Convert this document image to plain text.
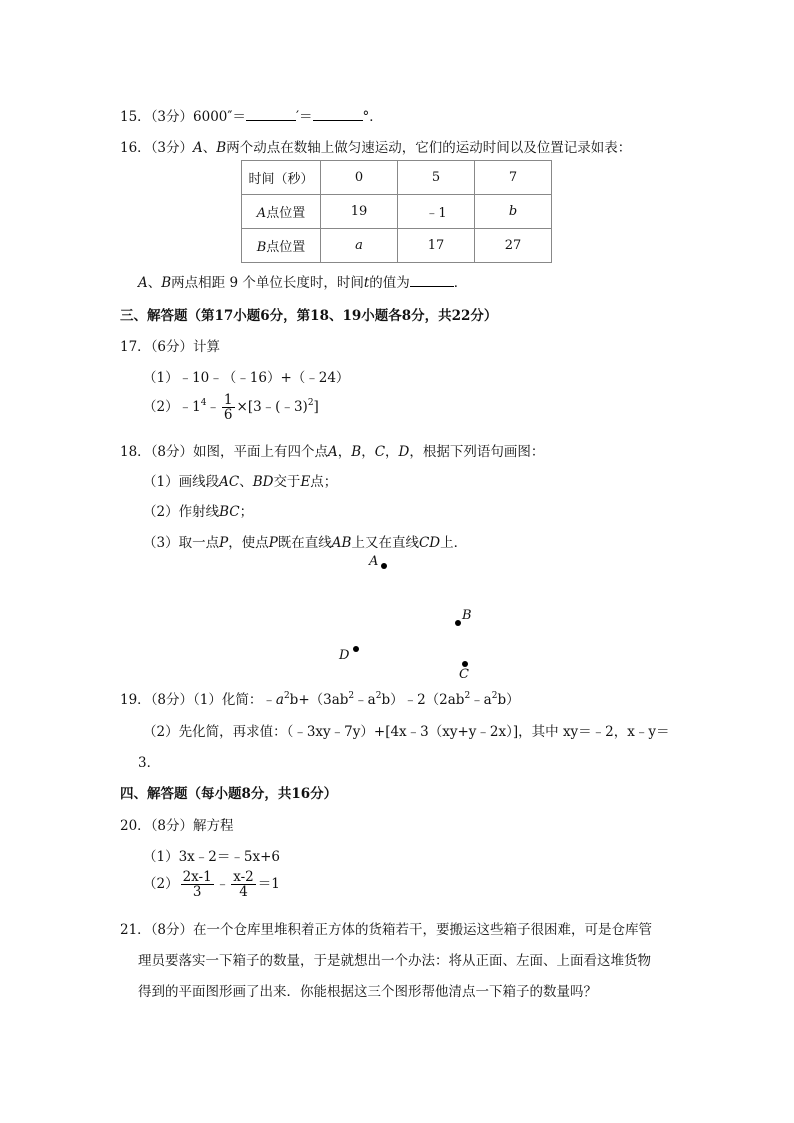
15．（3分）6000″＝	′＝	°．
16．（3分）A、B两个动点在数轴上做匀速运动，它们的运动时间以及位置记录如表：
时间（秒）	0	5	7
A点位置	19	﹣1	b
B点位置	a	17	27
A、B两点相距 9 个单位长度时，时间t的值为	．
三、解答题（第17小题6分，第18、19小题各8分，共22分）
17．（6分）计算
（1）﹣10﹣（﹣16）+（﹣24）
$(2)﹣1^4﹣ \frac{1}{6}$ ×[3﹣(﹣3)$^2$]
18．（8分）如图，平面上有四个点A，B，C，D，根据下列语句画图：
（1）画线段AC、BD交于E点；
（2）作射线BC；
（3）取一点P，使点P既在直线AB上又在直线CD上．
A
B
D
C
19．（8分）（1）化简：$﹣a^2b+(3ab^2﹣a^2b)﹣2(2ab^2﹣a^2b)$
（2）先化简，再求值：（﹣3xy﹣7y）+[4x﹣3（xy+y﹣2x）]，其中 xy＝﹣2，x﹣y＝
3．
四、解答题（每小题8分，共16分）
20．（8分）解方程
（1）3x﹣2＝﹣5x+6
$(2) \frac{2x-1}{3}$ ﹣ $\frac{x-2}{4} =1$
21．（8分）在一个仓库里堆积着正方体的货箱若干，要搬运这些箱子很困难，可是仓库管
理员要落实一下箱子的数量，于是就想出一个办法：将从正面、左面、上面看这堆货物
得到的平面图形画了出来．你能根据这三个图形帮他清点一下箱子的数量吗？
